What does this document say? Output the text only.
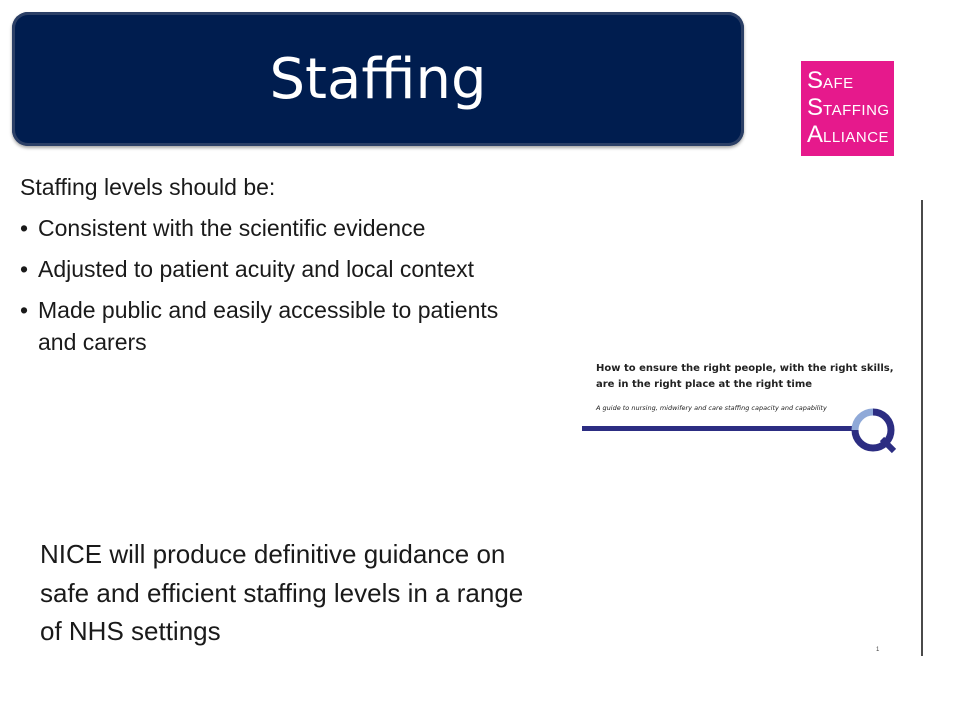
Staffing	SAFE
STAFFING
ALLIANCE

Staffing levels should be:

• Consistent with the scientific evidence
• Adjusted to patient acuity and local context
• Made public and easily accessible to patients and carers

NICE will produce definitive guidance on safe and efficient staffing levels in a range of NHS settings

How to ensure the right people, with the right skills, are in the right place at the right time
A guide to nursing, midwifery and care staffing capacity and capability
1
